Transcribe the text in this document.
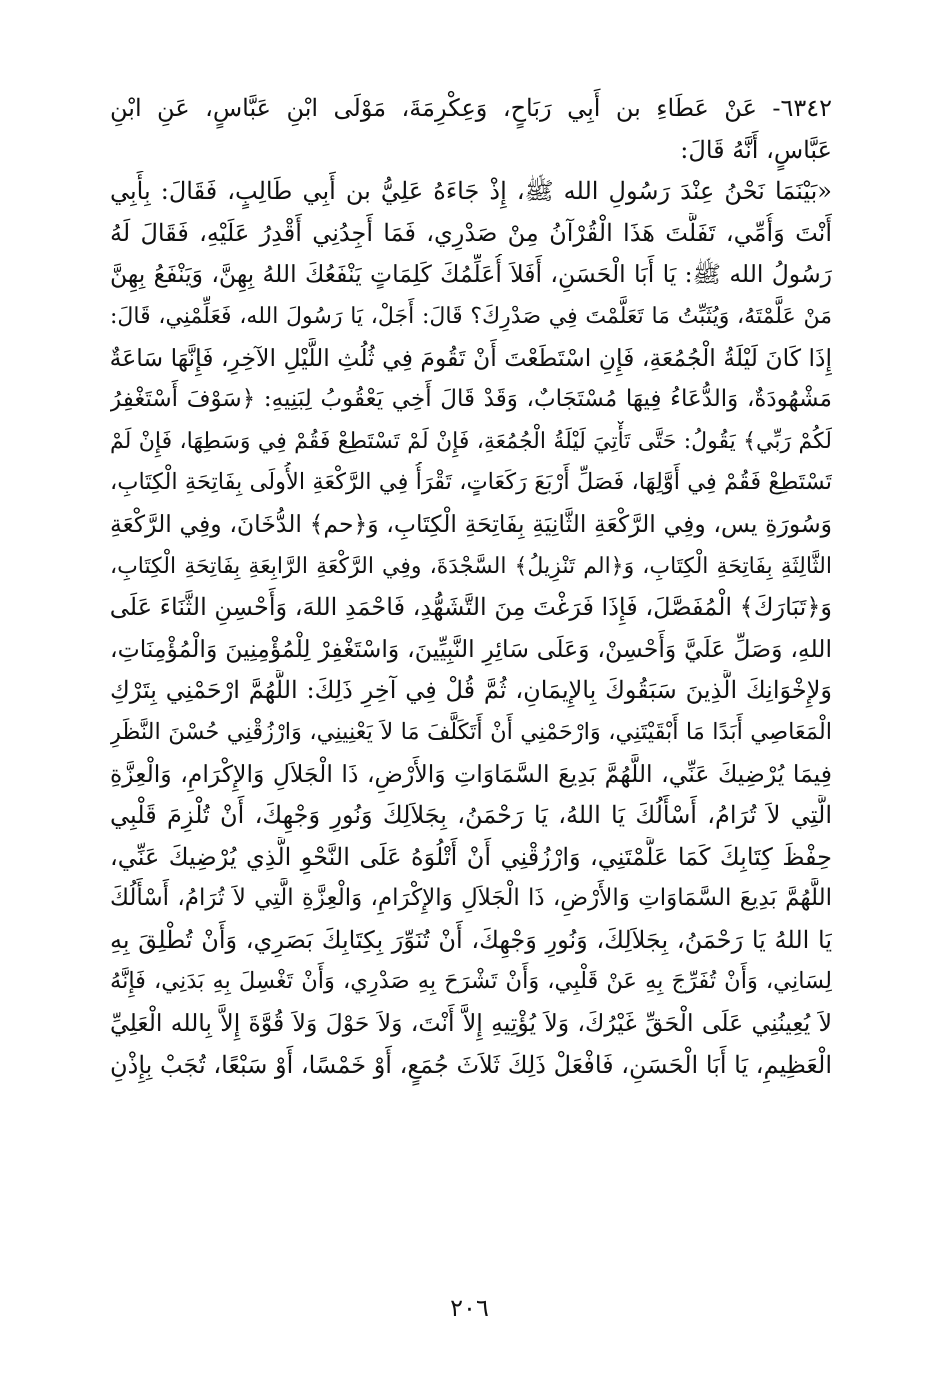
٦٣٤٢- عَنْ عَطَاءِ بن أَبِي رَبَاحٍ، وَعِكْرِمَةَ، مَوْلَى ابْنِ عَبَّاسٍ، عَنِ ابْنِ
عَبَّاسٍ، أَنَّهُ قَالَ:
«بَيْنَمَا نَحْنُ عِنْدَ رَسُولِ الله ﷺ، إِذْ جَاءَهُ عَلِيُّ بن أَبِي طَالِبٍ، فَقَالَ: بِأَبِي
أَنْتَ وَأُمِّي، تَفَلَّتَ هَذَا الْقُرْآنُ مِنْ صَدْرِي، فَمَا أَجِدُنِي أَقْدِرُ عَلَيْهِ، فَقَالَ لَهُ
رَسُولُ الله ﷺ: يَا أَبَا الْحَسَنِ، أَفَلاَ أُعَلِّمُكَ كَلِمَاتٍ يَنْفَعُكَ اللهُ بِهِنَّ، وَيَنْفَعُ بِهِنَّ
مَنْ عَلَّمْتَهُ، وَيُثَبِّتُ مَا تَعَلَّمْتَ فِي صَدْرِكَ؟ قَالَ: أَجَلْ، يَا رَسُولَ الله، فَعَلِّمْنِي، قَالَ:
إِذَا كَانَ لَيْلَةُ الْجُمُعَةِ، فَإِنِ اسْتَطَعْتَ أَنْ تَقُومَ فِي ثُلُثِ اللَّيْلِ الآخِرِ، فَإِنَّهَا سَاعَةٌ
مَشْهُودَةٌ، وَالدُّعَاءُ فِيهَا مُسْتَجَابٌ، وَقَدْ قَالَ أَخِي يَعْقُوبُ لِبَنِيهِ: ﴿سَوْفَ أَسْتَغْفِرُ
لَكُمْ رَبِّي﴾ يَقُولُ: حَتَّى تَأْتِيَ لَيْلَةُ الْجُمُعَةِ، فَإِنْ لَمْ تَسْتَطِعْ فَقُمْ فِي وَسَطِهَا، فَإِنْ لَمْ
تَسْتَطِعْ فَقُمْ فِي أَوَّلِهَا، فَصَلِّ أَرْبَعَ رَكَعَاتٍ، تَقْرَأُ فِي الرَّكْعَةِ الأُولَى بِفَاتِحَةِ الْكِتَابِ،
وَسُورَةِ يس، وفِي الرَّكْعَةِ الثَّانِيَةِ بِفَاتِحَةِ الْكِتَابِ، وَ﴿حم﴾ الدُّخَانَ، وفِي الرَّكْعَةِ
الثَّالِثَةِ بِفَاتِحَةِ الْكِتَابِ، وَ﴿الم تَنْزِيلُ﴾ السَّجْدَةَ، وفِي الرَّكْعَةِ الرَّابِعَةِ بِفَاتِحَةِ الْكِتَابِ،
وَ﴿تَبَارَكَ﴾ الْمُفَصَّلَ، فَإِذَا فَرَغْتَ مِنَ التَّشَهُّدِ، فَاحْمَدِ اللهَ، وَأَحْسِنِ الثَّنَاءَ عَلَى
اللهِ، وَصَلِّ عَلَيَّ وَأَحْسِنْ، وَعَلَى سَائِرِ النَّبِيِّينَ، وَاسْتَغْفِرْ لِلْمُؤْمِنِينَ وَالْمُؤْمِنَاتِ،
وَلإِخْوَانِكَ الَّذِينَ سَبَقُوكَ بِالإِيمَانِ، ثُمَّ قُلْ فِي آخِرِ ذَلِكَ: اللَّهُمَّ ارْحَمْنِي بِتَرْكِ
الْمَعَاصِي أَبَدًا مَا أَبْقَيْتَنِي، وَارْحَمْنِي أَنْ أَتَكَلَّفَ مَا لاَ يَعْنِينِي، وَارْزُقْنِي حُسْنَ النَّظَرِ
فِيمَا يُرْضِيكَ عَنِّي، اللَّهُمَّ بَدِيعَ السَّمَاوَاتِ وَالأَرْضِ، ذَا الْجَلاَلِ وَالإِكْرَامِ، وَالْعِزَّةِ
الَّتِي لاَ تُرَامُ، أَسْأَلُكَ يَا اللهُ، يَا رَحْمَنُ، بِجَلاَلِكَ وَنُورِ وَجْهِكَ، أَنْ تُلْزِمَ قَلْبِي
حِفْظَ كِتَابِكَ كَمَا عَلَّمْتَنِي، وَارْزُقْنِي أَنْ أَتْلُوَهُ عَلَى النَّحْوِ الَّذِي يُرْضِيكَ عَنِّي،
اللَّهُمَّ بَدِيعَ السَّمَاوَاتِ وَالأَرْضِ، ذَا الْجَلاَلِ وَالإِكْرَامِ، وَالْعِزَّةِ الَّتِي لاَ تُرَامُ، أَسْأَلُكَ
يَا اللهُ يَا رَحْمَنُ، بِجَلاَلِكَ، وَنُورِ وَجْهِكَ، أَنْ تُنَوِّرَ بِكِتَابِكَ بَصَرِي، وَأَنْ تُطْلِقَ بِهِ
لِسَانِي، وَأَنْ تُفَرِّجَ بِهِ عَنْ قَلْبِي، وَأَنْ تَشْرَحَ بِهِ صَدْرِي، وَأَنْ تَغْسِلَ بِهِ بَدَنِي، فَإِنَّهُ
لاَ يُعِينُنِي عَلَى الْحَقِّ غَيْرُكَ، وَلاَ يُؤْتِيهِ إِلاَّ أَنْتَ، وَلاَ حَوْلَ وَلاَ قُوَّةَ إِلاَّ بِالله الْعَلِيِّ
الْعَظِيمِ، يَا أَبَا الْحَسَنِ، فَافْعَلْ ذَلِكَ ثَلاَثَ جُمَعٍ، أَوْ خَمْسًا، أَوْ سَبْعًا، تُجَبْ بِإِذْنِ
٢٠٦
